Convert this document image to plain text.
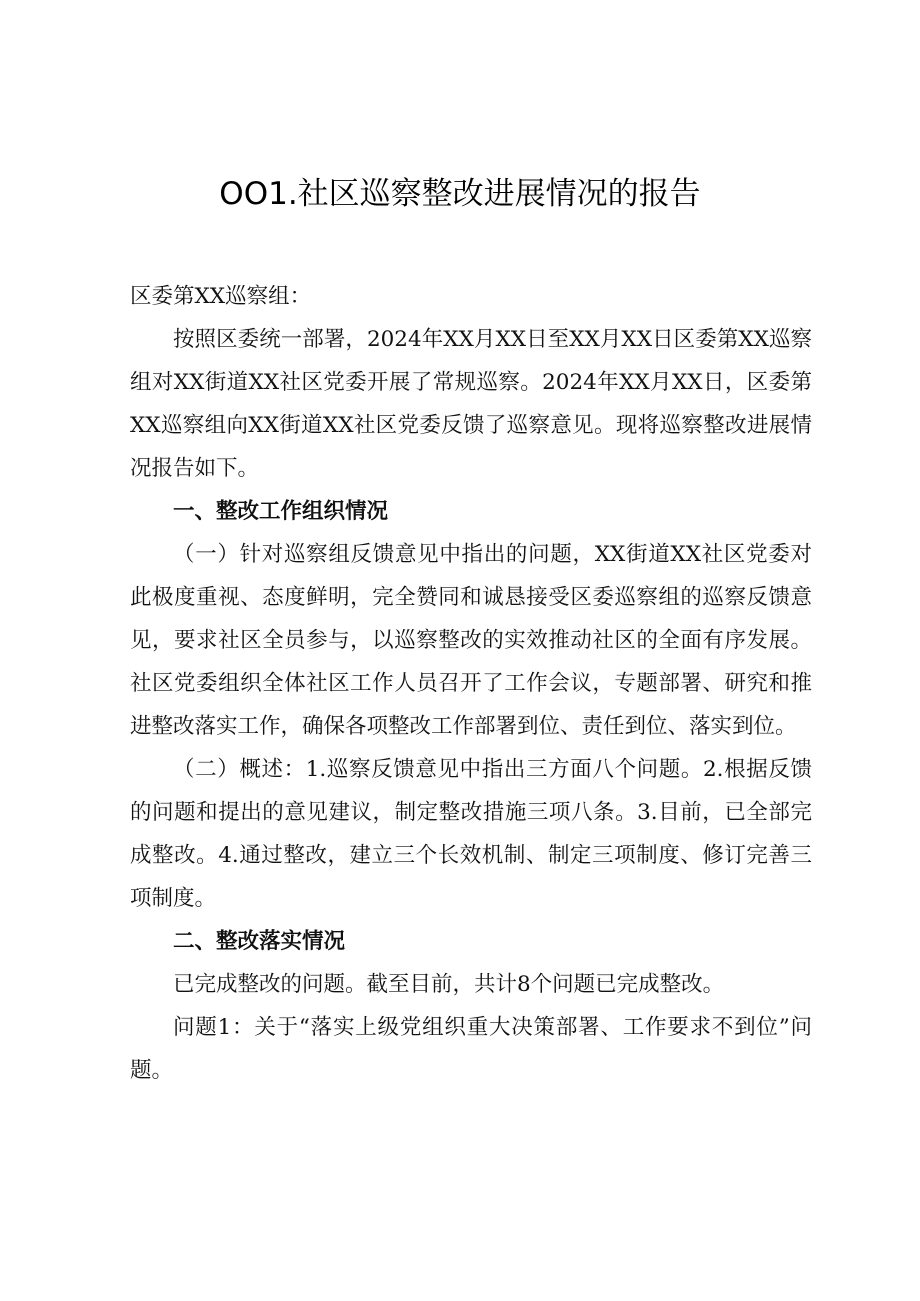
OO1.社区巡察整改进展情况的报告

区委第XX巡察组：

按照区委统一部署，2024年XX月XX日至XX月XX日区委第XX巡察组对XX街道XX社区党委开展了常规巡察。2024年XX月XX日，区委第XX巡察组向XX街道XX社区党委反馈了巡察意见。现将巡察整改进展情况报告如下。

一、整改工作组织情况

（一）针对巡察组反馈意见中指出的问题，XX街道XX社区党委对此极度重视、态度鲜明，完全赞同和诚恳接受区委巡察组的巡察反馈意见，要求社区全员参与，以巡察整改的实效推动社区的全面有序发展。社区党委组织全体社区工作人员召开了工作会议，专题部署、研究和推进整改落实工作，确保各项整改工作部署到位、责任到位、落实到位。

（二）概述：1.巡察反馈意见中指出三方面八个问题。2.根据反馈的问题和提出的意见建议，制定整改措施三项八条。3.目前，已全部完成整改。4.通过整改，建立三个长效机制、制定三项制度、修订完善三项制度。

二、整改落实情况

已完成整改的问题。截至目前，共计8个问题已完成整改。

问题1：关于“落实上级党组织重大决策部署、工作要求不到位”问题。
